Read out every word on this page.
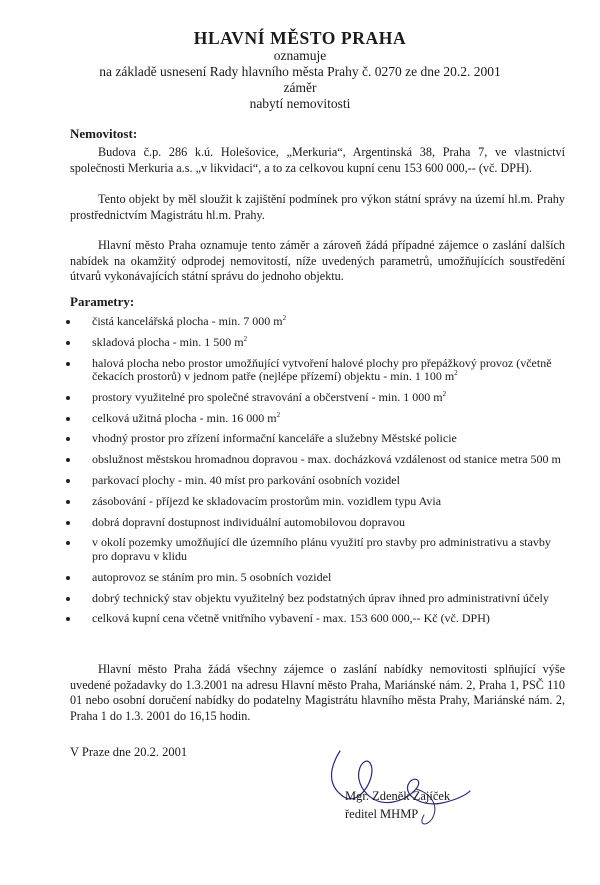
HLAVNÍ MĚSTO PRAHA
oznamuje
na základě usnesení Rady hlavního města Prahy č. 0270 ze dne 20.2. 2001
záměr
nabytí nemovitosti
Nemovitost:
Budova č.p. 286 k.ú. Holešovice, „Merkuria“, Argentinská 38, Praha 7, ve vlastnictví společnosti Merkuria a.s. „v likvidaci“, a to za celkovou kupní cenu 153 600 000,-- (vč. DPH).
Tento objekt by měl sloužit k zajištění podmínek pro výkon státní správy na území hl.m. Prahy prostřednictvím Magistrátu hl.m. Prahy.
Hlavní město Praha oznamuje tento záměr a zároveň žádá případné zájemce o zaslání dalších nabídek na okamžitý odprodej nemovitostí, níže uvedených parametrů, umožňujících soustředění útvarů vykonávajících státní správu do jednoho objektu.
Parametry:
čistá kancelářská plocha - min. 7 000 $m^2$
skladová plocha - min. 1 500 $m^2$
halová plocha nebo prostor umožňující vytvoření halové plochy pro přepážkový provoz (včetně čekacích prostorů) v jednom patře (nejlépe přízemí) objektu - min. 1 100 $m^2$
prostory využitelné pro společné stravování a občerstvení - min. 1 000 $m^2$
celková užitná plocha - min. 16 000 $m^2$
vhodný prostor pro zřízení informační kanceláře a služebny Městské policie
obslužnost městskou hromadnou dopravou - max. docházková vzdálenost od stanice metra 500 m
parkovací plochy - min. 40 míst pro parkování osobních vozidel
zásobování - příjezd ke skladovacím prostorům min. vozidlem typu Avia
dobrá dopravní dostupnost individuální automobilovou dopravou
v okolí pozemky umožňující dle územního plánu využití pro stavby pro administrativu a stavby pro dopravu v klidu
autoprovoz se stáním pro min. 5 osobních vozidel
dobrý technický stav objektu využitelný bez podstatných úprav ihned pro administrativní účely
celková kupní cena včetně vnitřního vybavení - max. 153 600 000,-- Kč (vč. DPH)
Hlavní město Praha žádá všechny zájemce o zaslání nabídky nemovitosti splňující výše uvedené požadavky do 1.3.2001 na adresu Hlavní město Praha, Mariánské nám. 2, Praha 1, PSČ 110 01 nebo osobní doručení nabídky do podatelny Magistrátu hlavního města Prahy, Mariánské nám. 2, Praha 1 do 1.3. 2001 do 16,15 hodin.
V Praze dne 20.2. 2001
Mgr. Zdeněk Zajíček
ředitel MHMP
